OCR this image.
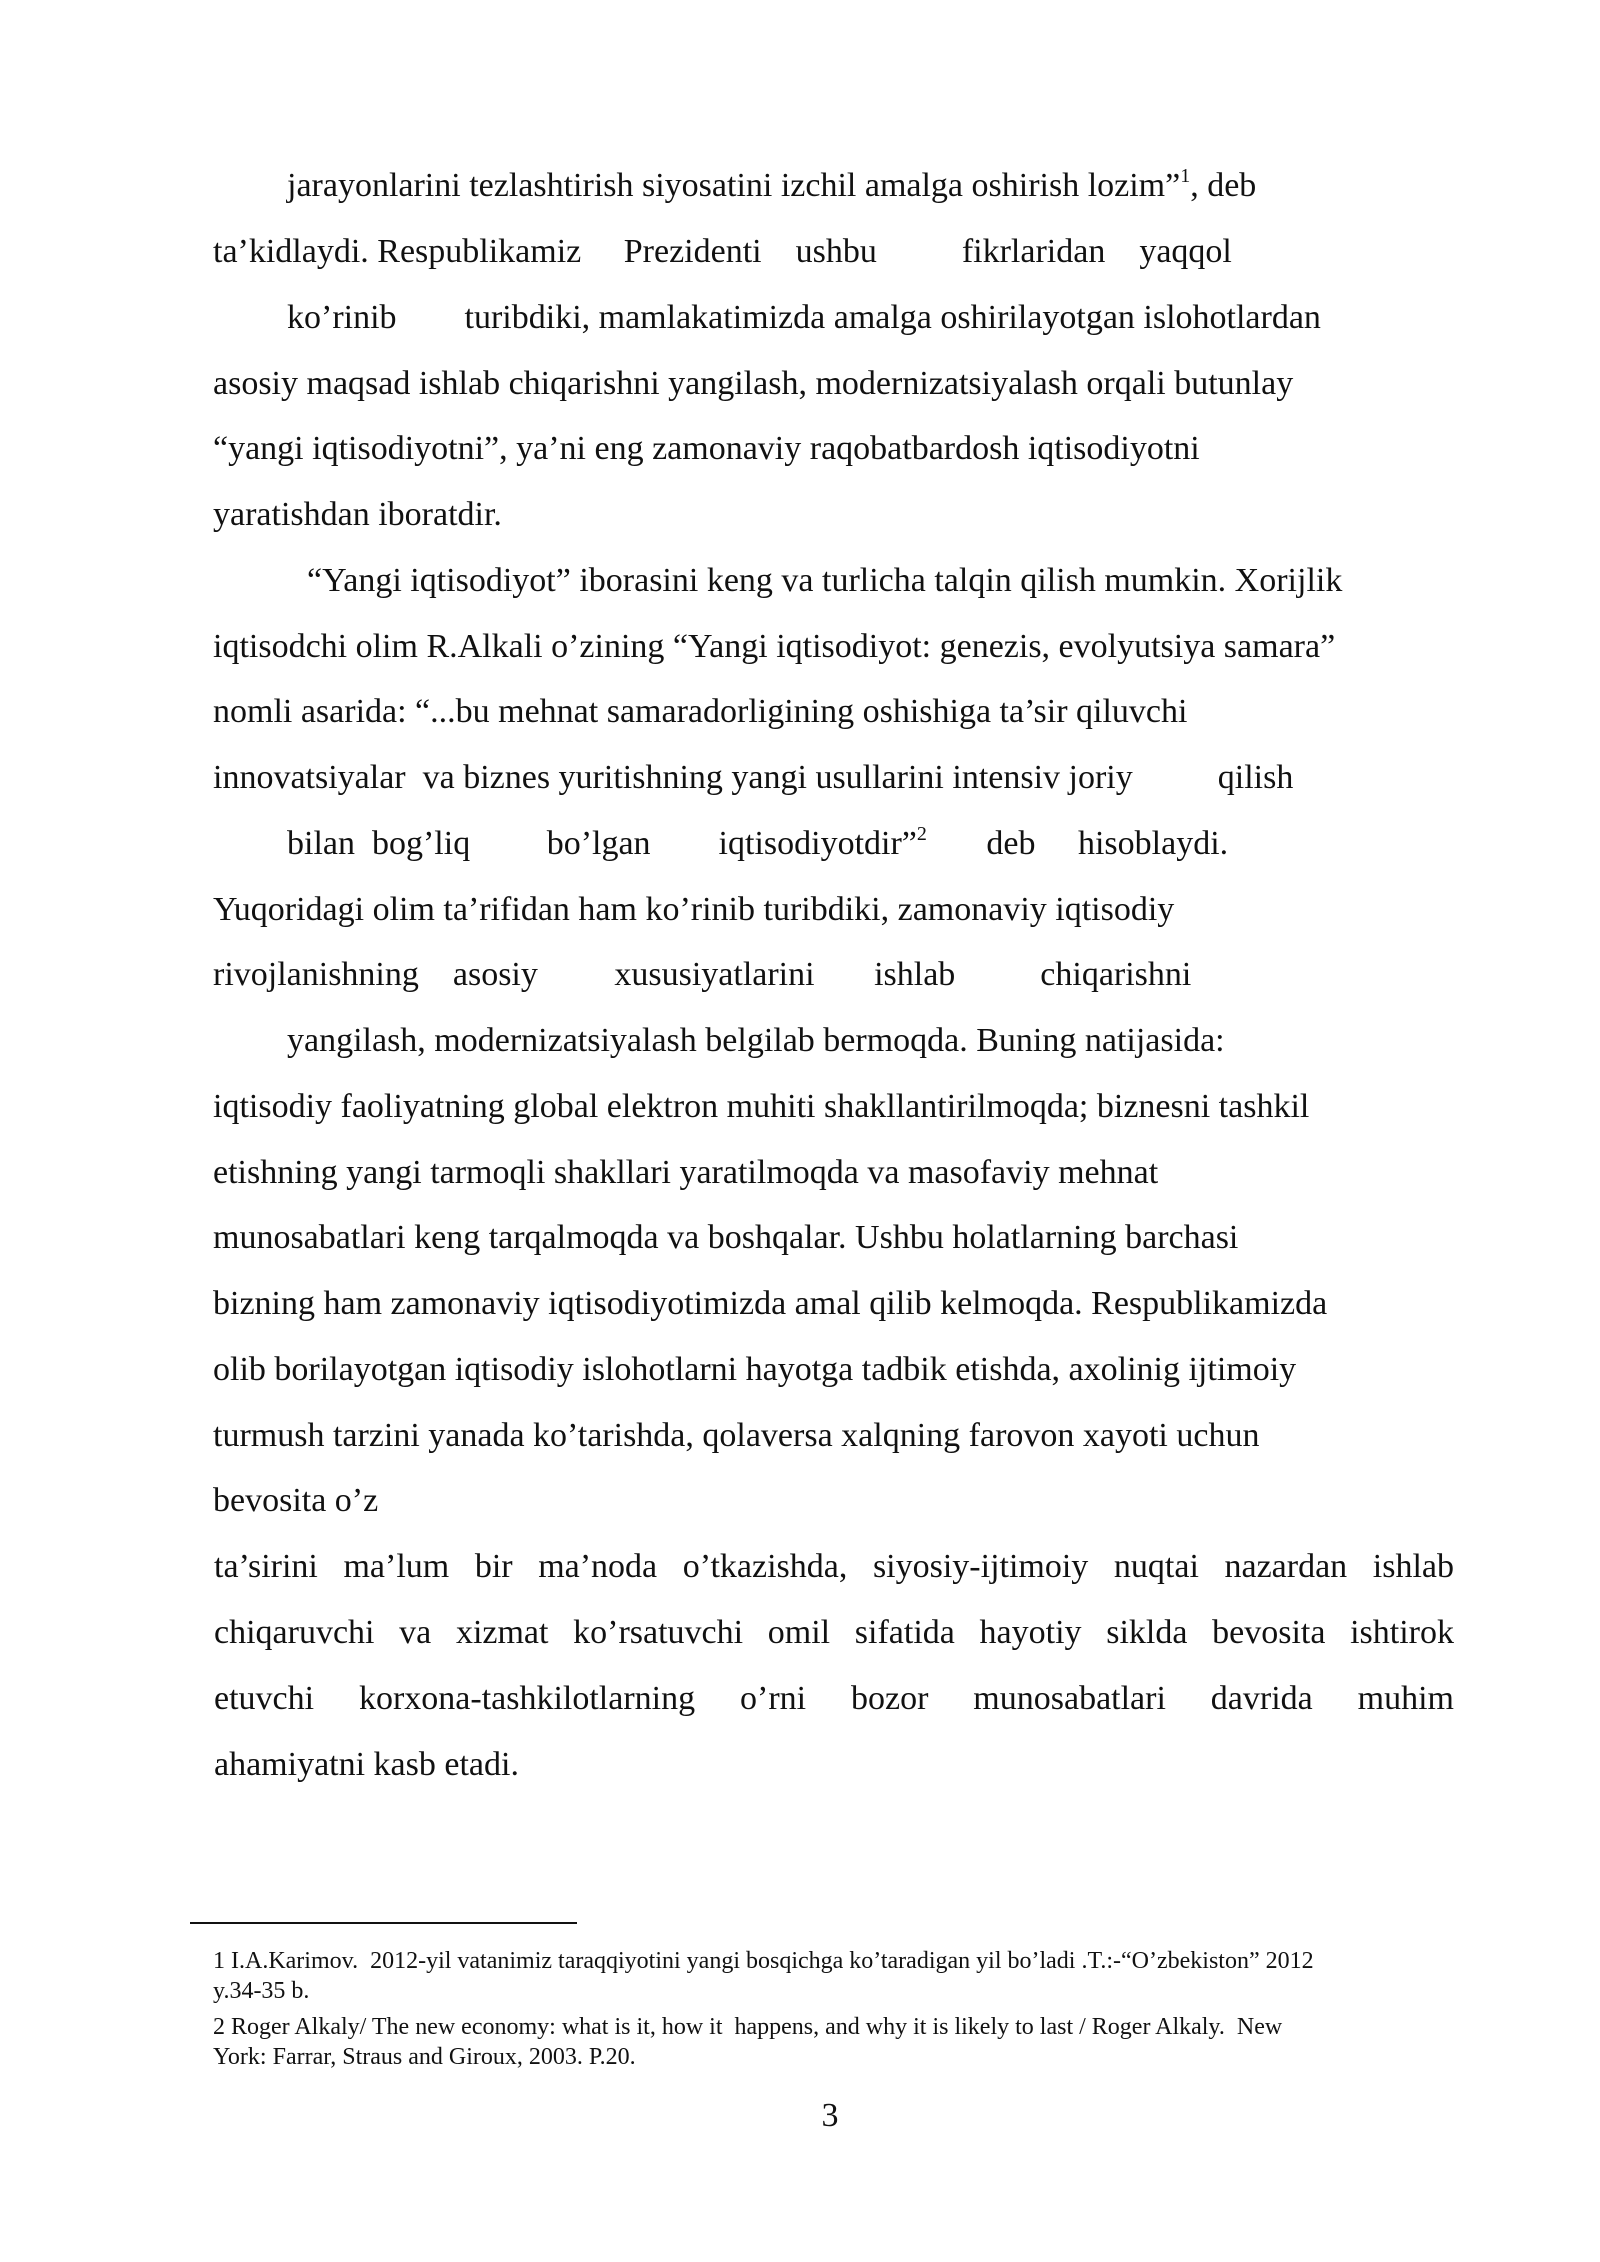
jarayonlarini tezlashtirish siyosatini izchil amalga oshirish lozim”$^1$, deb
ta’kidlaydi. Respublikamiz     Prezidenti    ushbu          fikrlaridan    yaqqol
ko’rinib        turibdiki, mamlakatimizda amalga oshirilayotgan islohotlardan
asosiy maqsad ishlab chiqarishni yangilash, modernizatsiyalash orqali butunlay
“yangi iqtisodiyotni”, ya’ni eng zamonaviy raqobatbardosh iqtisodiyotni
yaratishdan iboratdir.
“Yangi iqtisodiyot” iborasini keng va turlicha talqin qilish mumkin. Xorijlik
iqtisodchi olim R.Alkali o’zining “Yangi iqtisodiyot: genezis, evolyutsiya samara”
nomli asarida: “...bu mehnat samaradorligining oshishiga ta’sir qiluvchi
innovatsiyalar  va biznes yuritishning yangi usullarini intensiv joriy          qilish
bilan  bog’liq         bo’lgan        iqtisodiyotdir”$^2$       deb     hisoblaydi.
Yuqoridagi olim ta’rifidan ham ko’rinib turibdiki, zamonaviy iqtisodiy
rivojlanishning    asosiy         xususiyatlarini       ishlab          chiqarishni
yangilash, modernizatsiyalash belgilab bermoqda. Buning natijasida:
iqtisodiy faoliyatning global elektron muhiti shakllantirilmoqda; biznesni tashkil
etishning yangi tarmoqli shakllari yaratilmoqda va masofaviy mehnat
munosabatlari keng tarqalmoqda va boshqalar. Ushbu holatlarning barchasi
bizning ham zamonaviy iqtisodiyotimizda amal qilib kelmoqda. Respublikamizda
olib borilayotgan iqtisodiy islohotlarni hayotga tadbik etishda, axolinig ijtimoiy
turmush tarzini yanada ko’tarishda, qolaversa xalqning farovon xayoti uchun
bevosita o’z
ta’sirini ma’lum bir ma’noda o’tkazishda, siyosiy-ijtimoiy nuqtai nazardan ishlab
chiqaruvchi va xizmat ko’rsatuvchi omil sifatida hayotiy siklda bevosita ishtirok
etuvchi korxona-tashkilotlarning o’rni bozor munosabatlari davrida muhim
ahamiyatni kasb etadi.
1 I.A.Karimov.  2012-yil vatanimiz taraqqiyotini yangi bosqichga ko’taradigan yil bo’ladi .T.:-“O’zbekiston” 2012
y.34-35 b.
2 Roger Alkaly/ The new economy: what is it, how it  happens, and why it is likely to last / Roger Alkaly.  New
York: Farrar, Straus and Giroux, 2003. P.20.
3
